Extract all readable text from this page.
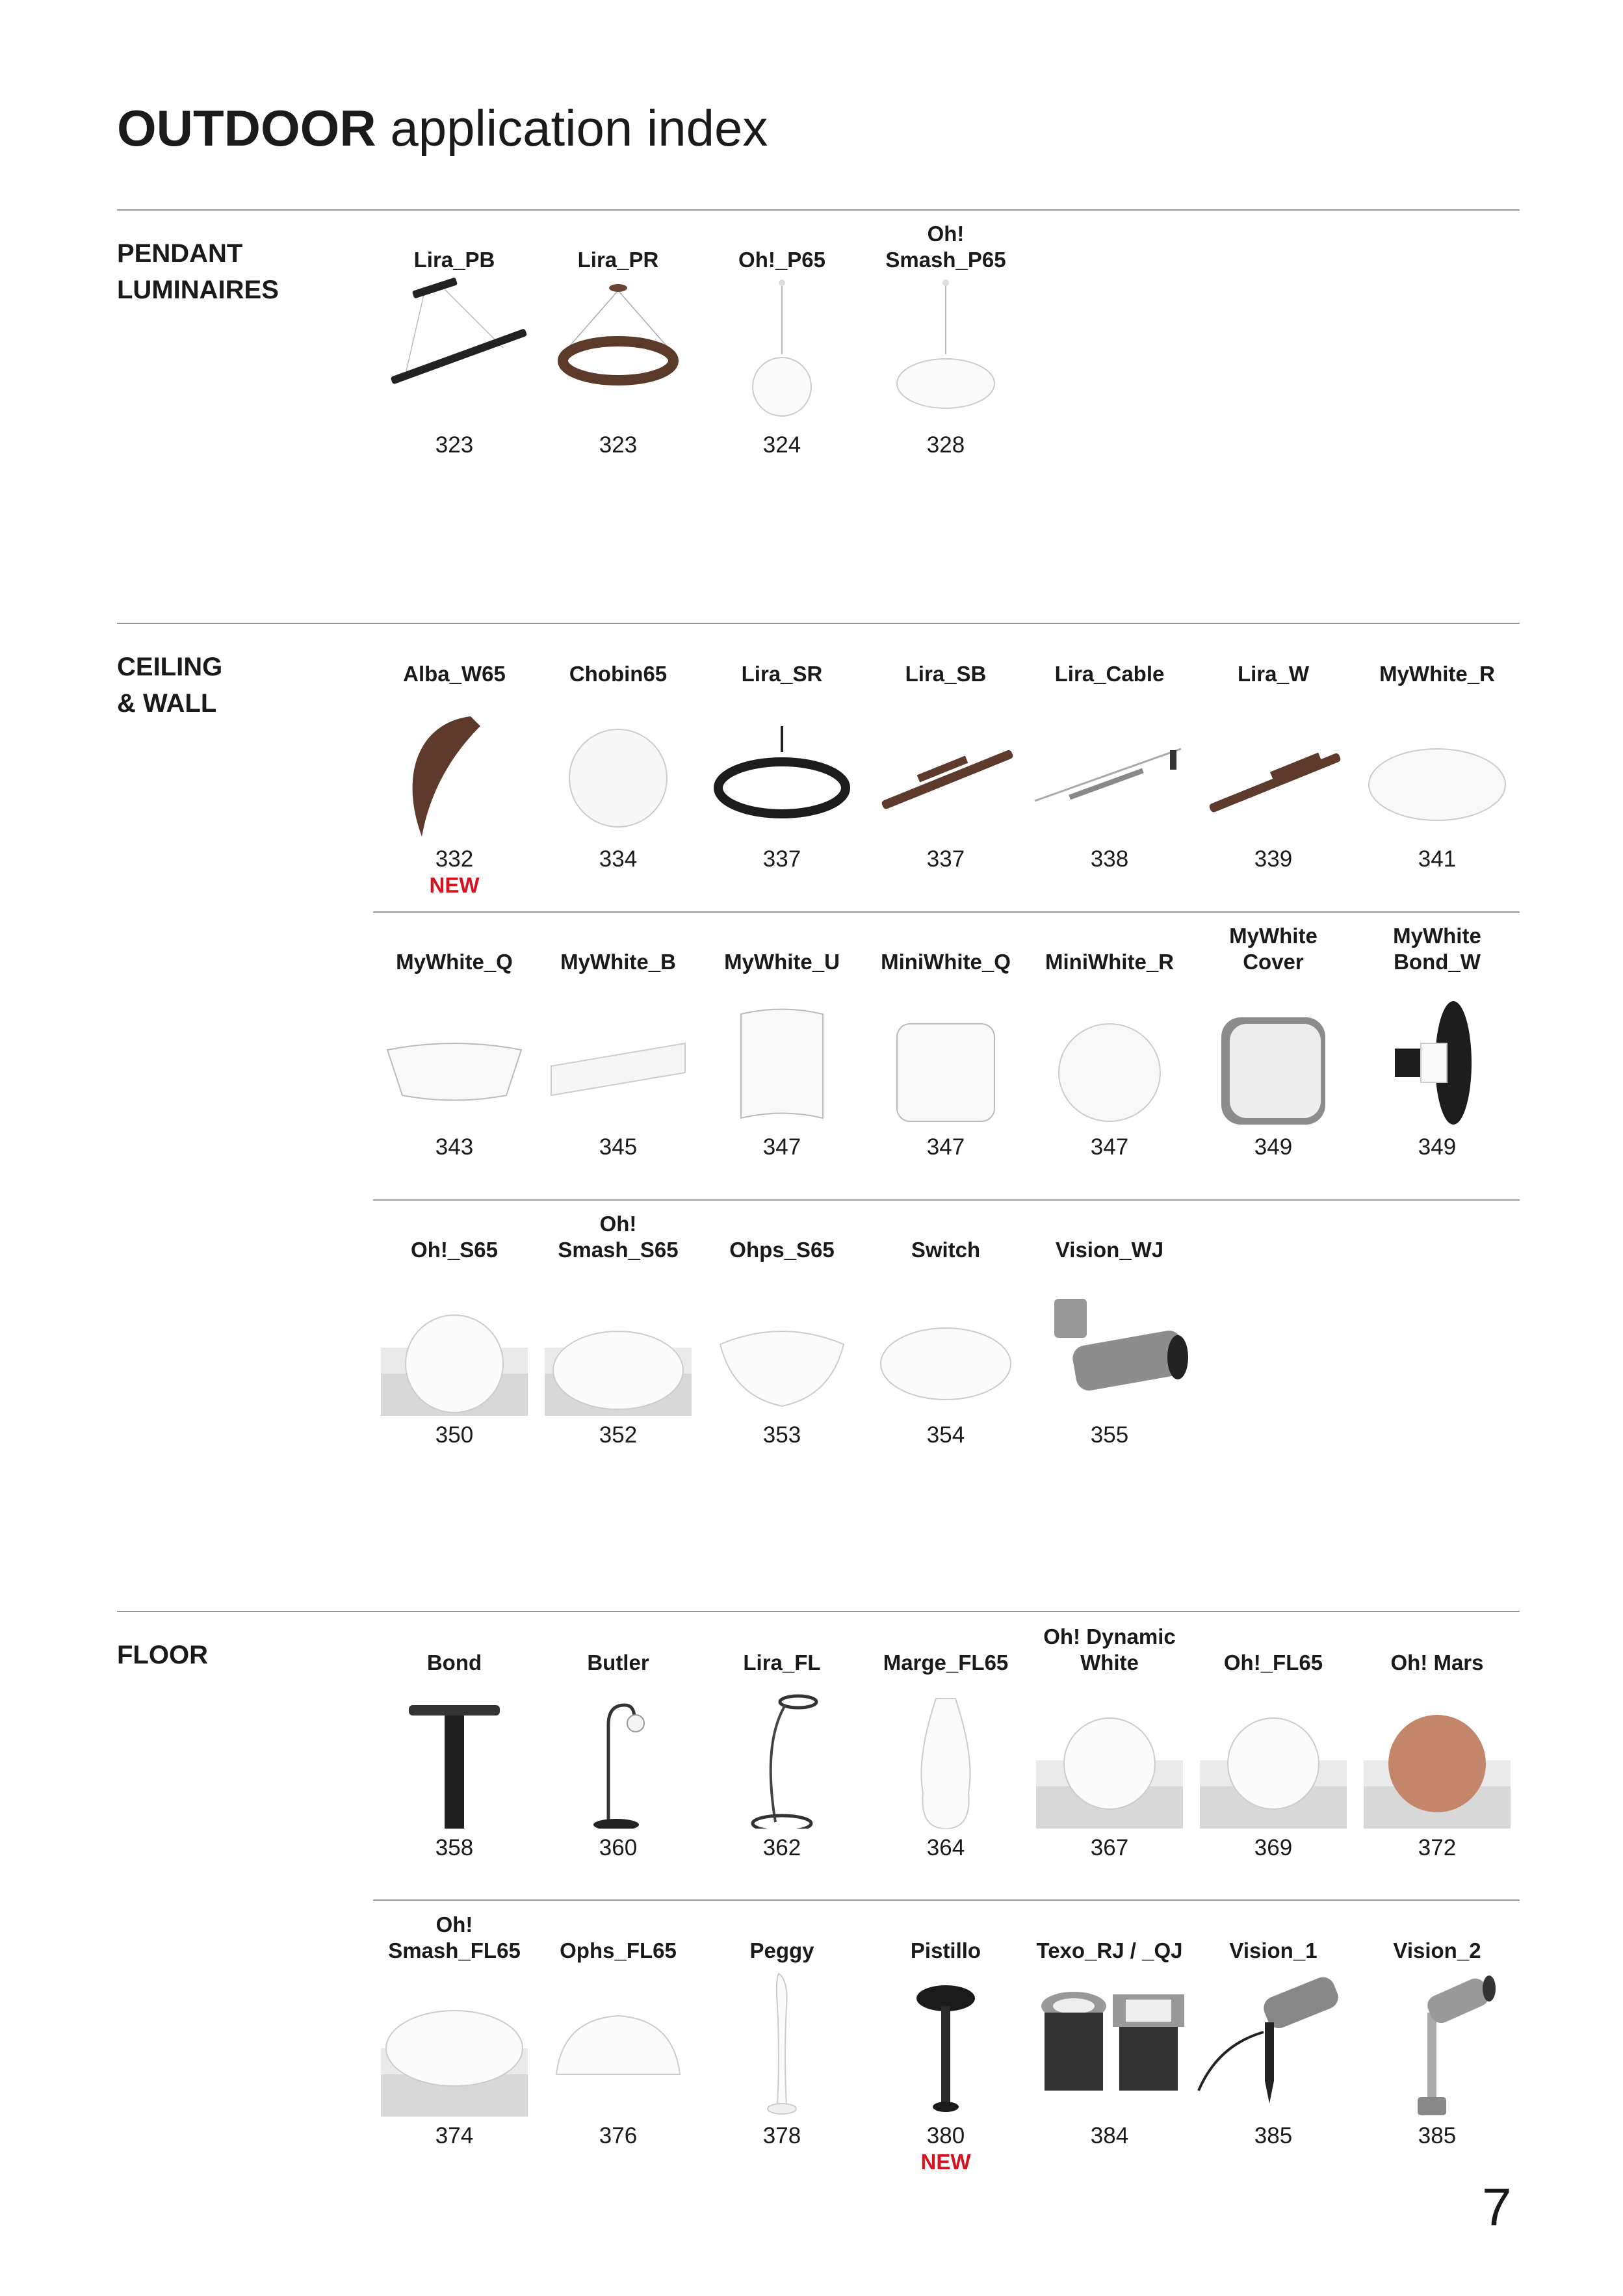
OUTDOOR application index
PENDANT
LUMINAIRES
Lira_PB
323
Lira_PR
323
Oh!_P65
324
Oh!
Smash_P65
328
CEILING
& WALL
Alba_W65
332
NEW
Chobin65
334
Lira_SR
337
Lira_SB
337
Lira_Cable
338
Lira_W
339
MyWhite_R
341
MyWhite_Q
343
MyWhite_B
345
MyWhite_U
347
MiniWhite_Q
347
MiniWhite_R
347
MyWhite
Cover
349
MyWhite
Bond_W
349
Oh!_S65
350
Oh!
Smash_S65
352
Ohps_S65
353
Switch
354
Vision_WJ
355
FLOOR	Bond
358
Butler
360
Lira_FL
362
Marge_FL65
364
Oh! Dynamic
White
367
Oh!_FL65
369
Oh! Mars
372
Oh!
Smash_FL65
374
Ophs_FL65
376
Peggy
378
Pistillo
380
NEW
Texo_RJ / _QJ
384
Vision_1
385
Vision_2
385
7
